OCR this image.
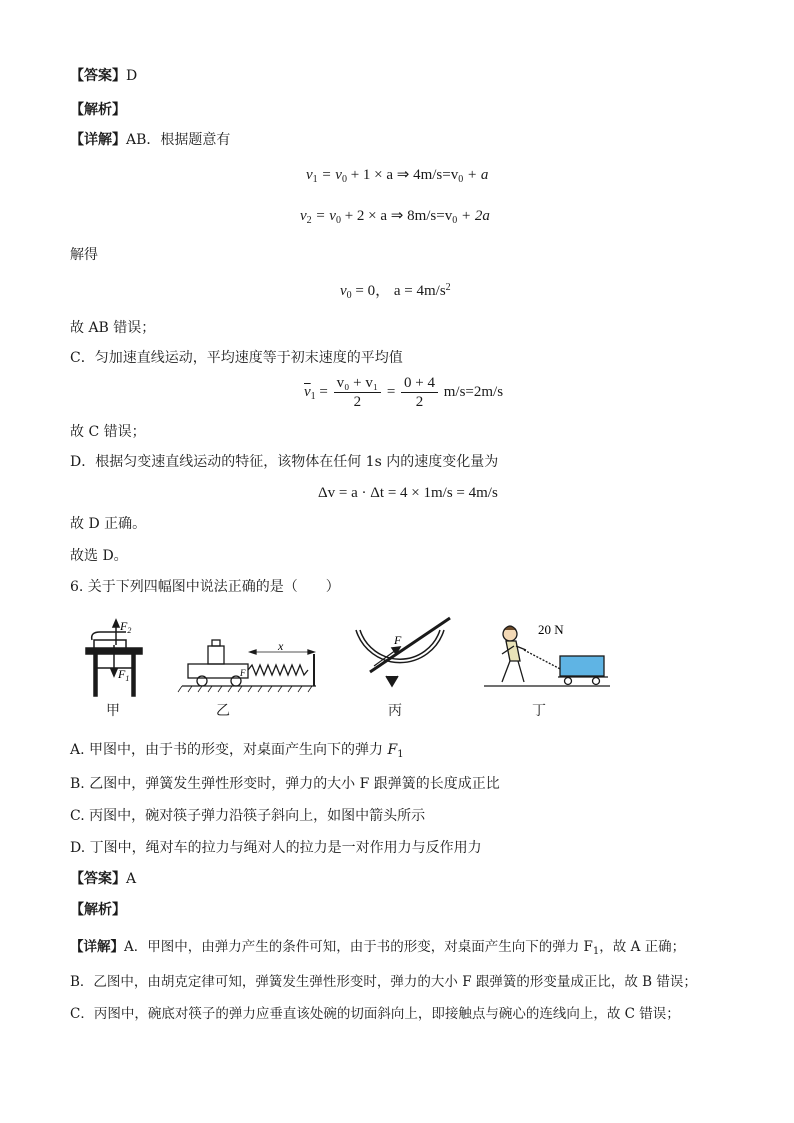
【答案】D
【解析】
【详解】AB．根据题意有
$v_1 = v_0 + 1 \times a$ ⇒ $4m/s=v_0 + a$
$v_2 = v_0 + 2 \times a$ ⇒ $8m/s=v_0 + 2a$
解得
$v_0 = 0$， $a = 4m/s^2$
故 AB 错误；
C．匀加速直线运动，平均速度等于初末速度的平均值
$\overline{v}_1 = \frac{\text{v₀ + v₁}}{2} = \frac{0 + 4}{2} m/s=2m/s$
故 C 错误；
D．根据匀变速直线运动的特征，该物体在任何 1s 内的速度变化量为
Δv = a · Δt = 4 × 1m/s = 4m/s
故 D 正确。
故选 D。
6. 关于下列四幅图中说法正确的是（　　）
$F_2$
$F_1$
x
F
F
20 N
甲	乙	丙	丁
A. 甲图中，由于书的形变，对桌面产生向下的弹力 $F_1$
B. 乙图中，弹簧发生弹性形变时，弹力的大小 F 跟弹簧的长度成正比
C. 丙图中，碗对筷子弹力沿筷子斜向上，如图中箭头所示
D. 丁图中，绳对车的拉力与绳对人的拉力是一对作用力与反作用力
【答案】A
【解析】
【详解】A．甲图中，由弹力产生的条件可知，由于书的形变，对桌面产生向下的弹力 $F_1$，故 A 正确；
B．乙图中，由胡克定律可知，弹簧发生弹性形变时，弹力的大小 F 跟弹簧的形变量成正比，故 B 错误；
C．丙图中，碗底对筷子的弹力应垂直该处碗的切面斜向上，即接触点与碗心的连线向上，故 C 错误；
